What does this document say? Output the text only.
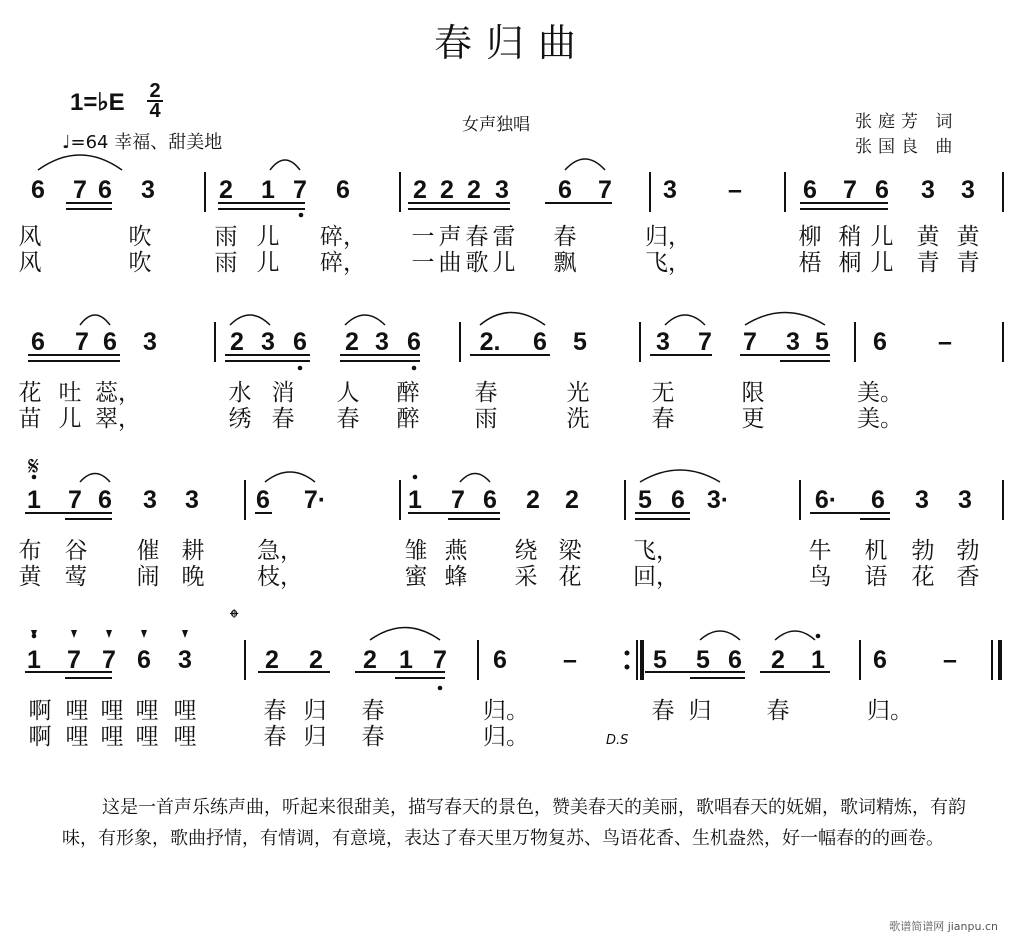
春归曲
1=♭E 2
4
♩=64 幸福、甜美地
女声独唱	张庭芳 词
张国良 曲
6 7 6 3	2 1 7 6	2 2 2 3 6 7 3 – 6 7 6 3 3
风	吹	雨 儿 碎， 一 声 春 雷 春	归，	柳 稍 儿 黄 黄
风	吹	雨 儿 碎， 一 曲 歌 儿 飘	飞，	梧 桐 儿 青 青
6 7 6 3	2 3 6 2 3 6 2. 6 5	3 7 7 3 5 6 –
花 吐 蕊，	水 消 人 醉 春	光	无	限	美。
苗 儿 翠，	绣 春 春 醉 雨	洗	春	更	美。
𝄋
1 7 6 3 3 6 7·	1 7 6 2 2 5 6 3·	6· 6 3 3
布 谷 催 耕 急，	雏 燕 绕 梁 飞，	牛 机 勃 勃
黄 莺 闹 晚 枝，	蜜 蜂 采 花 回，	鸟 语 花 香
𝄌
1 7 7 6 3	2 2 2 1 7 6 –	5 5 6 2 1 6 –
啊 哩 哩 哩 哩	春 归 春	归。	春 归 春	归。
啊 哩 哩 哩 哩	春 归 春	归。	D.S
这是一首声乐练声曲，听起来很甜美，描写春天的景色，赞美春天的美丽，歌唱春天的妩媚，歌词精炼，有韵味，有形象，歌曲抒情，有情调，有意境，表达了春天里万物复苏、鸟语花香、生机盎然，好一幅春的的画卷。
歌谱简谱网 jianpu.cn
